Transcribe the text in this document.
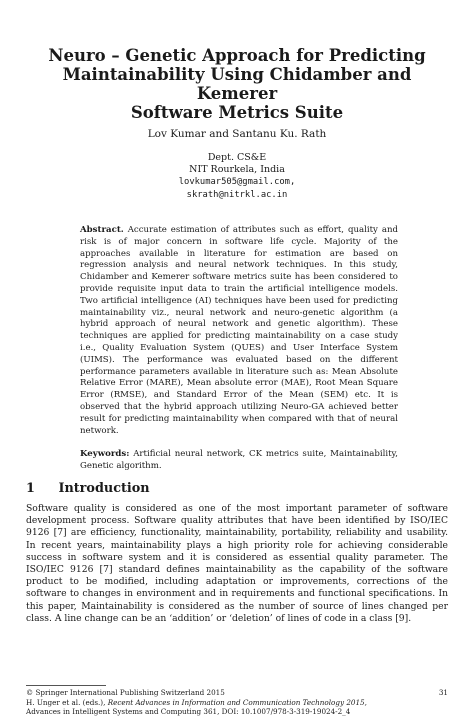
Neuro – Genetic Approach for Predicting
Maintainability Using Chidamber and Kemerer
Software Metrics Suite
Lov Kumar and Santanu Ku. Rath
Dept. CS&E
NIT Rourkela, India
lovkumar505@gmail.com,
skrath@nitrkl.ac.in
Abstract. Accurate estimation of attributes such as effort, quality and risk is of major concern in software life cycle. Majority of the approaches available in literature for estimation are based on regression analysis and neural network techniques. In this study, Chidamber and Kemerer software metrics suite has been considered to provide requisite input data to train the artificial intelligence models. Two artificial intelligence (AI) techniques have been used for predicting maintainability viz., neural network and neuro-genetic algorithm (a hybrid approach of neural network and genetic algorithm). These techniques are applied for predicting maintainability on a case study i.e., Quality Evaluation System (QUES) and User Interface System (UIMS). The performance was evaluated based on the different performance parameters available in literature such as: Mean Absolute Relative Error (MARE), Mean absolute error (MAE), Root Mean Square Error (RMSE), and Standard Error of the Mean (SEM) etc. It is observed that the hybrid approach utilizing Neuro-GA achieved better result for predicting maintainability when compared with that of neural network.
Keywords: Artificial neural network, CK metrics suite, Maintainability, Genetic algorithm.
1 Introduction
Software quality is considered as one of the most important parameter of software development process. Software quality attributes that have been identified by ISO/IEC 9126 [7] are efficiency, functionality, maintainability, portability, reliability and usability. In recent years, maintainability plays a high priority role for achieving considerable success in software system and it is considered as essential quality parameter. The ISO/IEC 9126 [7] standard defines maintainability as the capability of the software product to be modified, including adaptation or improvements, corrections of the software to changes in environment and in requirements and functional specifications. In this paper, Maintainability is considered as the number of source of lines changed per class. A line change can be an ‘addition’ or ‘deletion’ of lines of code in a class [9].
© Springer International Publishing Switzerland 2015	31
H. Unger et al. (eds.), Recent Advances in Information and Communication Technology 2015,
Advances in Intelligent Systems and Computing 361, DOI: 10.1007/978-3-319-19024-2_4
